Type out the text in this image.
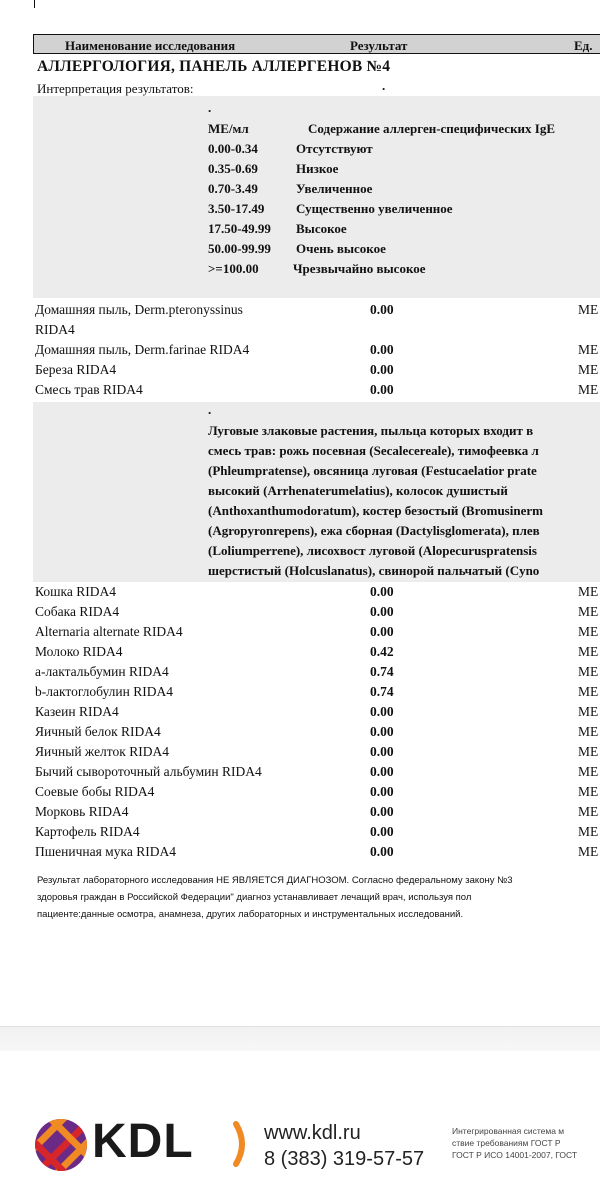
Наименование исследования	Результат	Ед.
АЛЛЕРГОЛОГИЯ, ПАНЕЛЬ АЛЛЕРГЕНОВ №4
Интерпретация результатов:	.
.
МЕ/мл	Содержание аллерген-специфических IgE
0.00-0.34	Отсутствуют
0.35-0.69	Низкое
0.70-3.49	Увеличенное
3.50-17.49 Существенно увеличенное
17.50-49.99 Высокое
50.00-99.99 Очень высокое
>=100.00	Чрезвычайно высокое
Домашняя пыль, Derm.pteronyssinus
RIDA4
0.00	МЕ
Домашняя пыль, Derm.farinae RIDA4	0.00	МЕ
Береза RIDA4	0.00	МЕ
Смесь трав RIDA4	0.00	МЕ
.
Луговые злаковые растения, пыльца которых входит в
смесь трав: рожь посевная (Secalecereale), тимофеевка л
(Phleumpratense), овсяница луговая (Festucaelatior prate
высокий (Arrhenaterumelatius), колосок душистый
(Anthoxanthumodoratum), костер безостый (Bromusinerm
(Agropyronrepens), ежа сборная (Dactylisglomerata), плев
(Loliumperrene), лисохвост луговой (Alopecuruspratensis
шерстистый (Holcuslanatus), свинорой пальчатый (Cyno
Кошка RIDA4	0.00	МЕ
Собака RIDA4	0.00	МЕ
Alternaria alternate RIDA4	0.00	МЕ
Молоко RIDA4	0.42	МЕ
а-лактальбумин RIDA4	0.74	МЕ
b-лактоглобулин RIDA4	0.74	МЕ
Казеин RIDA4	0.00	МЕ
Яичный белок RIDA4	0.00	МЕ
Яичный желток RIDA4	0.00	МЕ
Бычий сывороточный альбумин RIDA4	0.00	МЕ
Соевые бобы RIDA4	0.00	МЕ
Морковь RIDA4	0.00	МЕ
Картофель RIDA4	0.00	МЕ
Пшеничная мука RIDA4	0.00	МЕ
Результат лабораторного исследования НЕ ЯВЛЯЕТСЯ ДИАГНОЗОМ. Согласно федеральному закону №3
здоровья граждан в Российской Федерации" диагноз устанавливает лечащий врач, используя пол
пациенте:данные осмотра, анамнеза, других лабораторных и инструментальных исследований.
KDL	www.kdl.ru
8 (383) 319-57-57
Интегрированная система м
ствие требованиям ГОСТ Р
ГОСТ Р ИСО 14001-2007, ГОСТ
